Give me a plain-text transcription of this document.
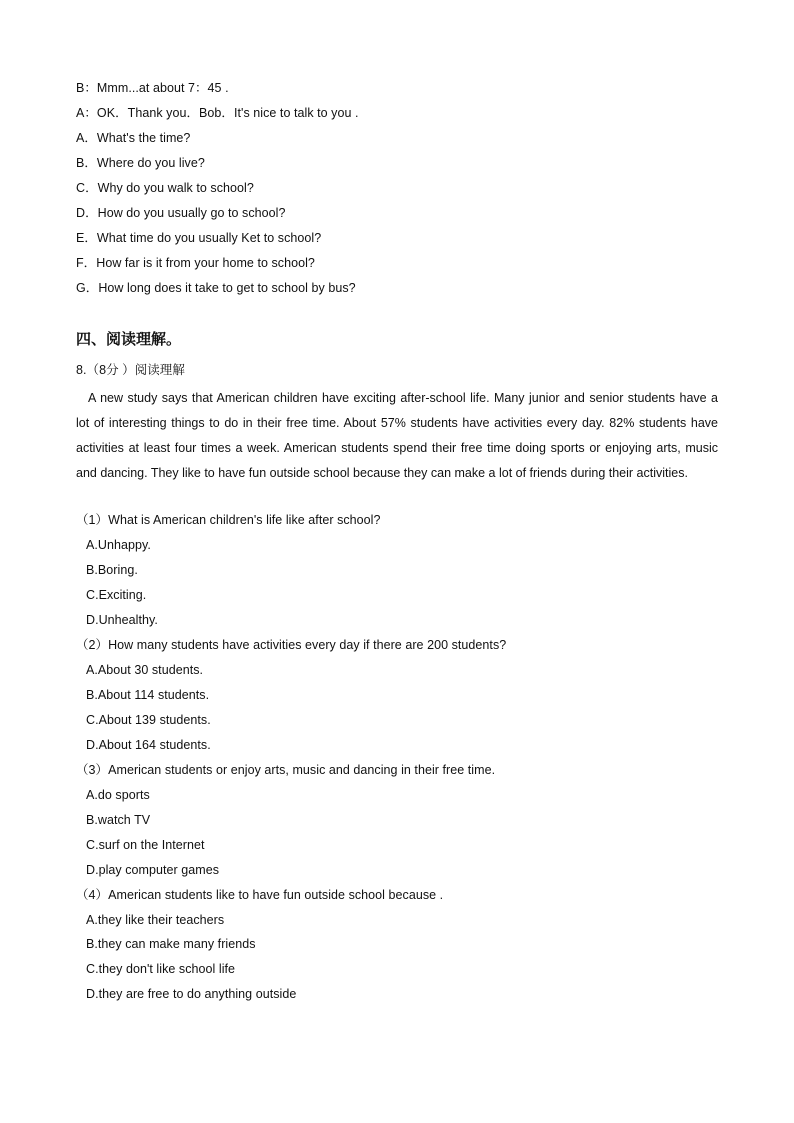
B：Mmm...at about 7：45 .
A：OK．Thank you．Bob．It's nice to talk to you .
A．What's the time?
B．Where do you live?
C．Why do you walk to school?
D．How do you usually go to school?
E．What time do you usually Ket to school?
F．How far is it from your home to school?
G．How long does it take to get to school by bus?
四、阅读理解。
8.（8分 ）阅读理解
A new study says that American children have exciting after-school life. Many junior and senior students have a lot of interesting things to do in their free time. About 57% students have activities every day. 82% students have activities at least four times a week. American students spend their free time doing sports or enjoying arts, music and dancing. They like to have fun outside school because they can make a lot of friends during their activities.
（1）What is American children's life like after school?
A.Unhappy.
B.Boring.
C.Exciting.
D.Unhealthy.
（2）How many students have activities every day if there are 200 students?
A.About 30 students.
B.About 114 students.
C.About 139 students.
D.About 164 students.
（3）American students or enjoy arts, music and dancing in their free time.
A.do sports
B.watch TV
C.surf on the Internet
D.play computer games
（4）American students like to have fun outside school because .
A.they like their teachers
B.they can make many friends
C.they don't like school life
D.they are free to do anything outside
